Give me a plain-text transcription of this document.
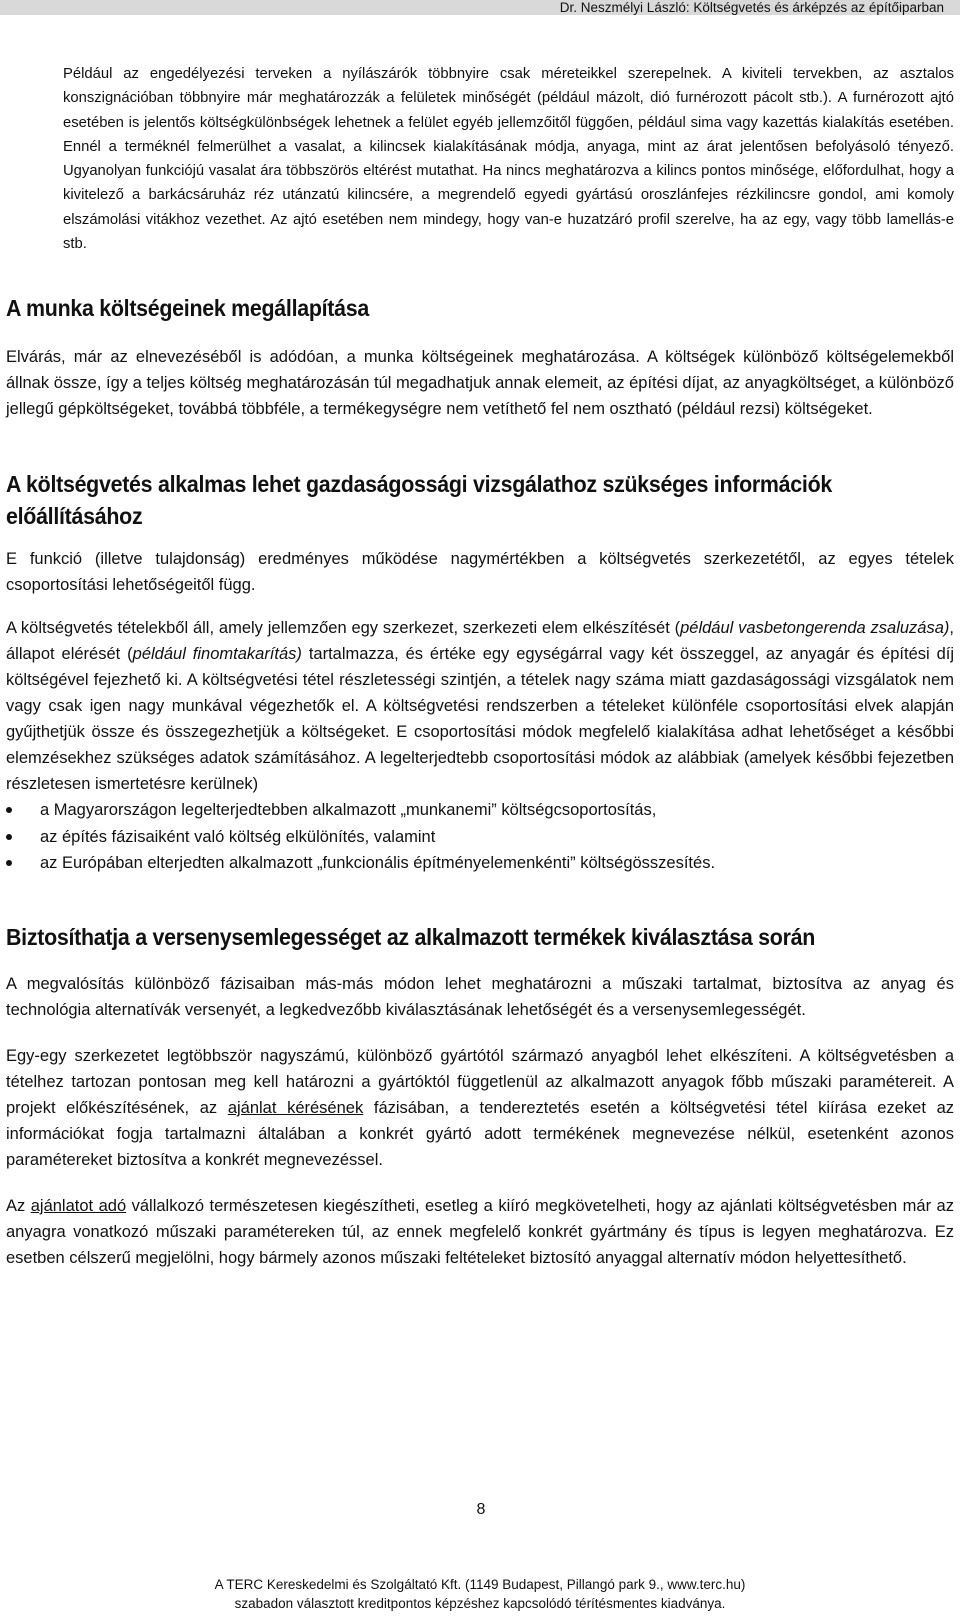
Dr. Neszmélyi László: Költségvetés és árképzés az építőiparban

Például az engedélyezési terveken a nyílászárók többnyire csak méreteikkel szerepelnek. A kiviteli tervekben, az asztalos konszignációban többnyire már meghatározzák a felületek minőségét (például mázolt, dió furnérozott pácolt stb.). A furnérozott ajtó esetében is jelentős költségkülönbségek lehetnek a felület egyéb jellemzőitől függően, például sima vagy kazettás kialakítás esetében. Ennél a terméknél felmerülhet a vasalat, a kilincsek kialakításának módja, anyaga, mint az árat jelentősen befolyásoló tényező. Ugyanolyan funkciójú vasalat ára többszörös eltérést mutathat. Ha nincs meghatározva a kilincs pontos minősége, előfordulhat, hogy a kivitelező a barkácsáruház réz utánzatú kilincsére, a megrendelő egyedi gyártású oroszlánfejes rézkilincsre gondol, ami komoly elszámolási vitákhoz vezethet. Az ajtó esetében nem mindegy, hogy van-e huzatzáró profil szerelve, ha az egy, vagy több lamellás-e stb.

A munka költségeinek megállapítása

Elvárás, már az elnevezéséből is adódóan, a munka költségeinek meghatározása. A költségek különböző költségelemekből állnak össze, így a teljes költség meghatározásán túl megadhatjuk annak elemeit, az építési díjat, az anyagköltséget, a különböző jellegű gépköltségeket, továbbá többféle, a termékegységre nem vetíthető fel nem osztható (például rezsi) költségeket.

A költségvetés alkalmas lehet gazdaságossági vizsgálathoz szükséges információk előállításához

E funkció (illetve tulajdonság) eredményes működése nagymértékben a költségvetés szerkezetétől, az egyes tételek csoportosítási lehetőségeitől függ.

A költségvetés tételekből áll, amely jellemzően egy szerkezet, szerkezeti elem elkészítését (például vasbetongerenda zsaluzása), állapot elérését (például finomtakarítás) tartalmazza, és értéke egy egységárral vagy két összeggel, az anyagár és építési díj költségével fejezhető ki. A költségvetési tétel részletességi szintjén, a tételek nagy száma miatt gazdaságossági vizsgálatok nem vagy csak igen nagy munkával végezhetők el. A költségvetési rendszerben a tételeket különféle csoportosítási elvek alapján gyűjthetjük össze és összegezhetjük a költségeket. E csoportosítási módok megfelelő kialakítása adhat lehetőséget a későbbi elemzésekhez szükséges adatok számításához. A legelterjedtebb csoportosítási módok az alábbiak (amelyek későbbi fejezetben részletesen ismertetésre kerülnek)

a Magyarországon legelterjedtebben alkalmazott „munkanemi” költségcsoportosítás,
az építés fázisaiként való költség elkülönítés, valamint
az Európában elterjedten alkalmazott „funkcionális építményelemenkénti” költségösszesítés.
Biztosíthatja a versenysemlegességet az alkalmazott termékek kiválasztása során

A megvalósítás különböző fázisaiban más-más módon lehet meghatározni a műszaki tartalmat, biztosítva az anyag és technológia alternatívák versenyét, a legkedvezőbb kiválasztásának lehetőségét és a versenysemlegességét.

Egy-egy szerkezetet legtöbbször nagyszámú, különböző gyártótól származó anyagból lehet elkészíteni. A költségvetésben a tételhez tartozan pontosan meg kell határozni a gyártóktól függetlenül az alkalmazott anyagok főbb műszaki paramétereit. A projekt előkészítésének, az ajánlat kérésének fázisában, a tendereztetés esetén a költségvetési tétel kiírása ezeket az információkat fogja tartalmazni általában a konkrét gyártó adott termékének megnevezése nélkül, esetenként azonos paramétereket biztosítva a konkrét megnevezéssel.

Az ajánlatot adó vállalkozó természetesen kiegészítheti, esetleg a kiíró megkövetelheti, hogy az ajánlati költségvetésben már az anyagra vonatkozó műszaki paramétereken túl, az ennek megfelelő konkrét gyártmány és típus is legyen meghatározva. Ez esetben célszerű megjelölni, hogy bármely azonos műszaki feltételeket biztosító anyaggal alternatív módon helyettesíthető.

8
A TERC Kereskedelmi és Szolgáltató Kft. (1149 Budapest, Pillangó park 9., www.terc.hu)
szabadon választott kreditpontos képzéshez kapcsolódó térítésmentes kiadványa.
